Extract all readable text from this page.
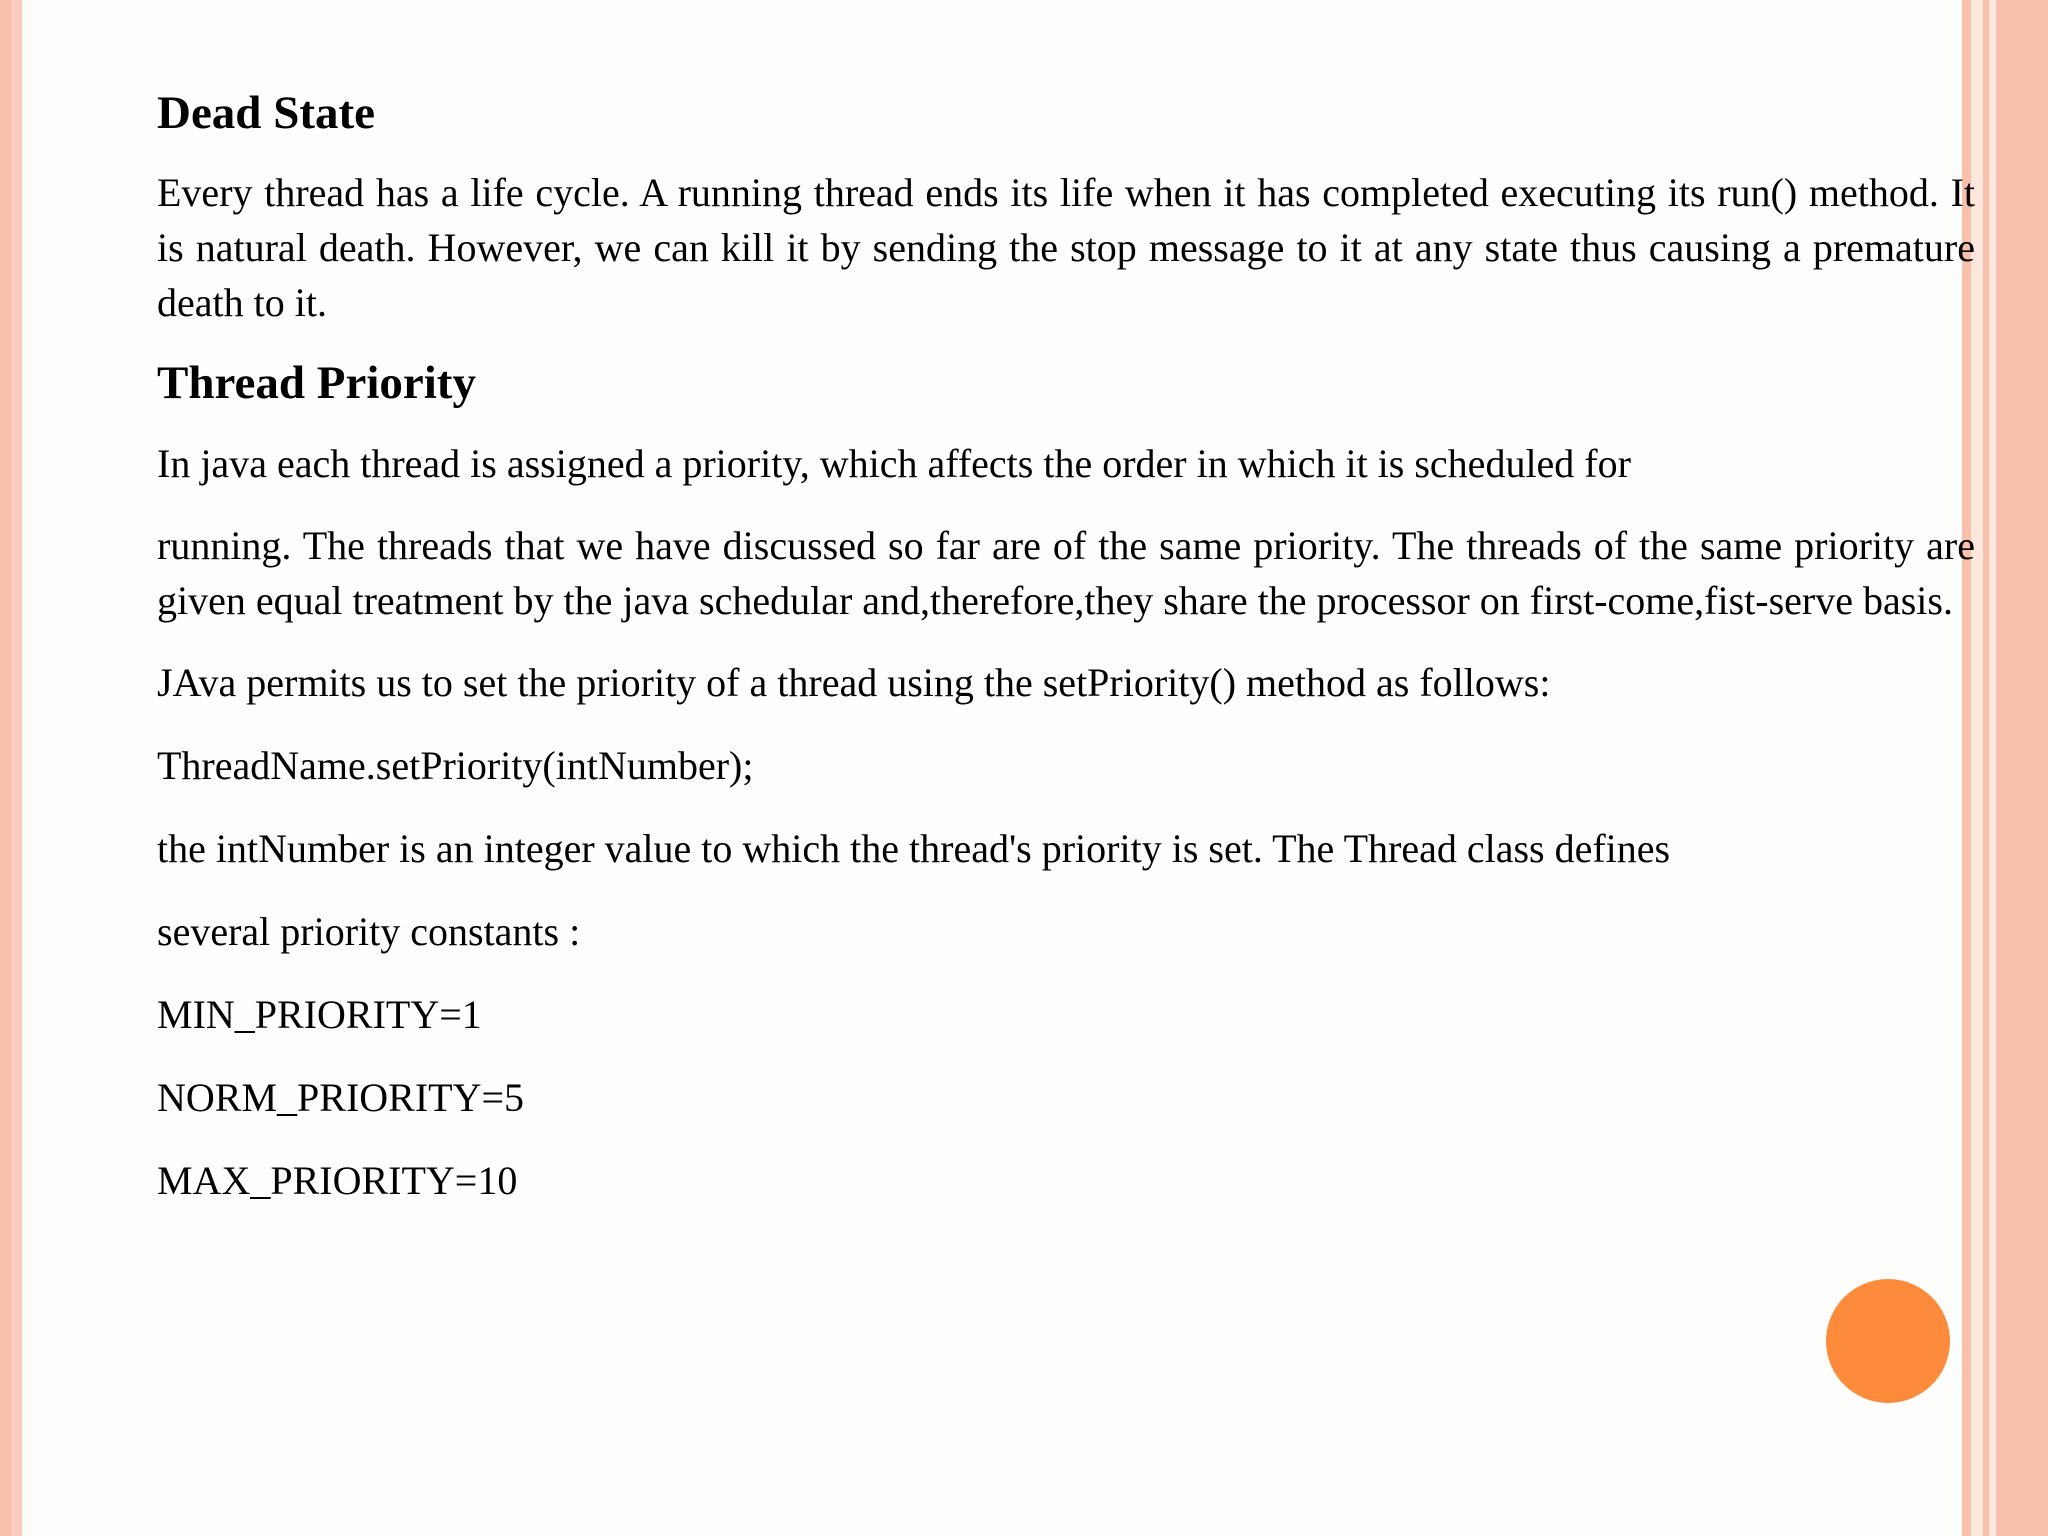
Dead State

Every thread has a life cycle. A running thread ends its life when it has completed executing its run() method. It is natural death. However, we can kill it by sending the stop message to it at any state thus causing a premature death to it.

Thread Priority

In java each thread is assigned a priority, which affects the order in which it is scheduled for

running. The threads that we have discussed so far are of the same priority. The threads of the same priority are given equal treatment by the java schedular and,therefore,they share the processor on first-come,fist-serve basis.

JAva permits us to set the priority of a thread using the setPriority() method as follows:

ThreadName.setPriority(intNumber);

the intNumber is an integer value to which the thread's priority is set. The Thread class defines

several priority constants :

MIN_PRIORITY=1

NORM_PRIORITY=5

MAX_PRIORITY=10
